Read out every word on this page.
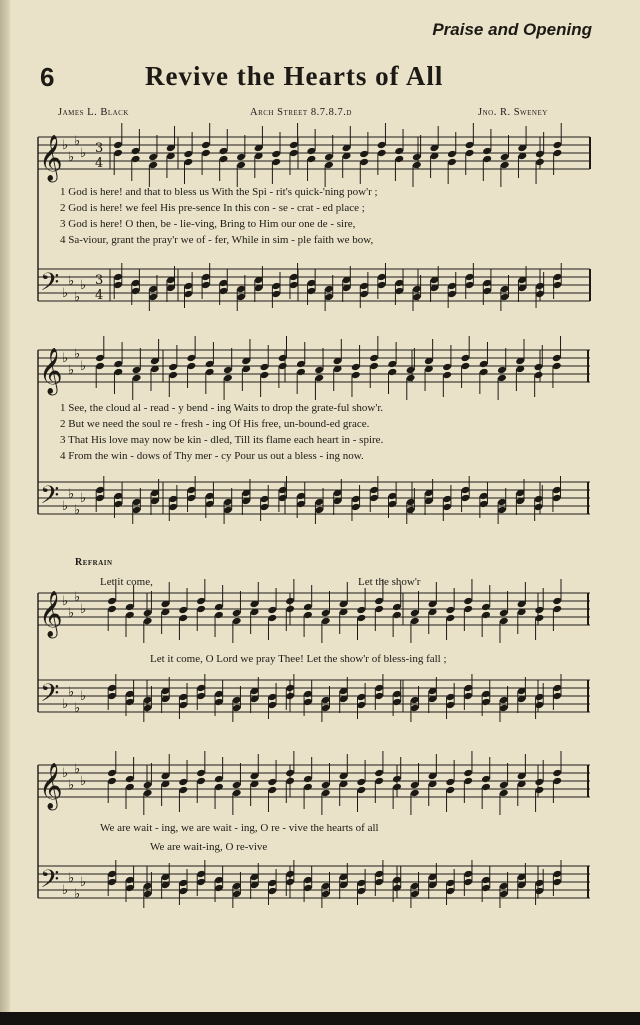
Praise and Opening
6	Revive the Hearts of All
James L. Black	Arch Street 8.7.8.7.d	Jno. R. Sweney
𝄞 ♭
♭
♭
♭ 3
4
𝄢 ♭
♭
♭
♭ 3
4
𝄞 ♭
♭
♭
♭
𝄢 ♭
♭
♭
♭
𝄞 ♭
♭
♭
♭
𝄢 ♭
♭
♭
♭
𝄞 ♭
♭
♭
♭
𝄢 ♭
♭
♭
♭
1 God is here! and that to bless us With the Spi - rit's quick-'ning pow'r ;
2 God is here! we feel His pre-sence In this con - se - crat - ed place ;
3 God is here! O then, be - lie-ving, Bring to Him our one de - sire,
4 Sa-viour, grant the pray'r we of - fer, While in sim - ple faith we bow,
1 See, the cloud al - read - y bend - ing Waits to drop the grate-ful show'r.
2 But we need the soul re - fresh - ing Of His free, un-bound-ed grace.
3 That His love may now be kin - dled, Till its flame each heart in - spire.
4 From the win - dows of Thy mer - cy Pour us out a bless - ing now.
Refrain
Let it come,	Let the show'r
Let it come, O Lord we pray Thee! Let the show'r of bless-ing fall ;
We are wait - ing, we are wait - ing, O re - vive the hearts of all
We are wait-ing, O re-vive
